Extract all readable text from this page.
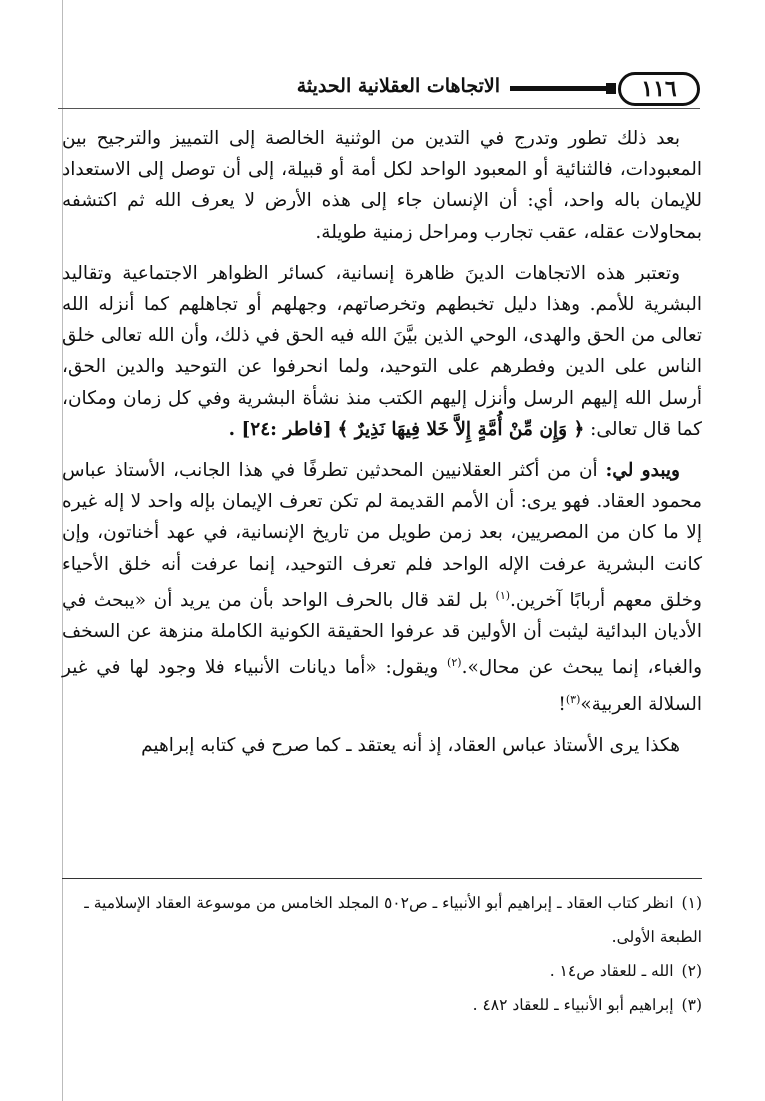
١١٦
الاتجاهات العقلانية الحديثة

بعد ذلك تطور وتدرج في التدين من الوثنية الخالصة إلى التمييز والترجيح بين المعبودات، فالثنائية أو المعبود الواحد لكل أمة أو قبيلة، إلى أن توصل إلى الاستعداد للإيمان باله واحد، أي: أن الإنسان جاء إلى هذه الأرض لا يعرف الله ثم اكتشفه بمحاولات عقله، عقب تجارب ومراحل زمنية طويلة.

وتعتبر هذه الاتجاهات الدينَ ظاهرة إنسانية، كسائر الظواهر الاجتماعية وتقاليد البشرية للأمم. وهذا دليل تخبطهم وتخرصاتهم، وجهلهم أو تجاهلهم كما أنزله الله تعالى من الحق والهدى، الوحي الذين بيَّنَ الله فيه الحق في ذلك، وأن الله تعالى خلق الناس على الدين وفطرهم على التوحيد، ولما انحرفوا عن التوحيد والدين الحق، أرسل الله إليهم الرسل وأنزل إليهم الكتب منذ نشأة البشرية وفي كل زمان ومكان، كما قال تعالى: ﴿ وَإِن مِّنْ أُمَّةٍ إِلاَّ خَلا فِيهَا نَذِيرٌ ﴾ [فاطر :٢٤] .

ويبدو لي: أن من أكثر العقلانيين المحدثين تطرفًا في هذا الجانب، الأستاذ عباس محمود العقاد. فهو يرى: أن الأمم القديمة لم تكن تعرف الإيمان بإله واحد لا إله غيره إلا ما كان من المصريين، بعد زمن طويل من تاريخ الإنسانية، في عهد أخناتون، وإن كانت البشرية عرفت الإله الواحد فلم تعرف التوحيد، إنما عرفت أنه خلق الأحياء وخلق معهم أربابًا آخرين.$^{(١)}$ بل لقد قال بالحرف الواحد بأن من يريد أن «يبحث في الأديان البدائية ليثبت أن الأولين قد عرفوا الحقيقة الكونية الكاملة منزهة عن السخف والغباء، إنما يبحث عن محال».$^{(٢)}$ ويقول: «أما ديانات الأنبياء فلا وجود لها في غير السلالة العربية»$^{(٣)}$!

هكذا يرى الأستاذ عباس العقاد، إذ أنه يعتقد ـ كما صرح في كتابه إبراهيم

(١)انظر كتاب العقاد ـ إبراهيم أبو الأنبياء ـ ص٥٠٢ المجلد الخامس من موسوعة العقاد الإسلامية ـ الطبعة الأولى.

(٢)الله ـ للعقاد ص١٤ .

(٣)إبراهيم أبو الأنبياء ـ للعقاد ٤٨٢ .
